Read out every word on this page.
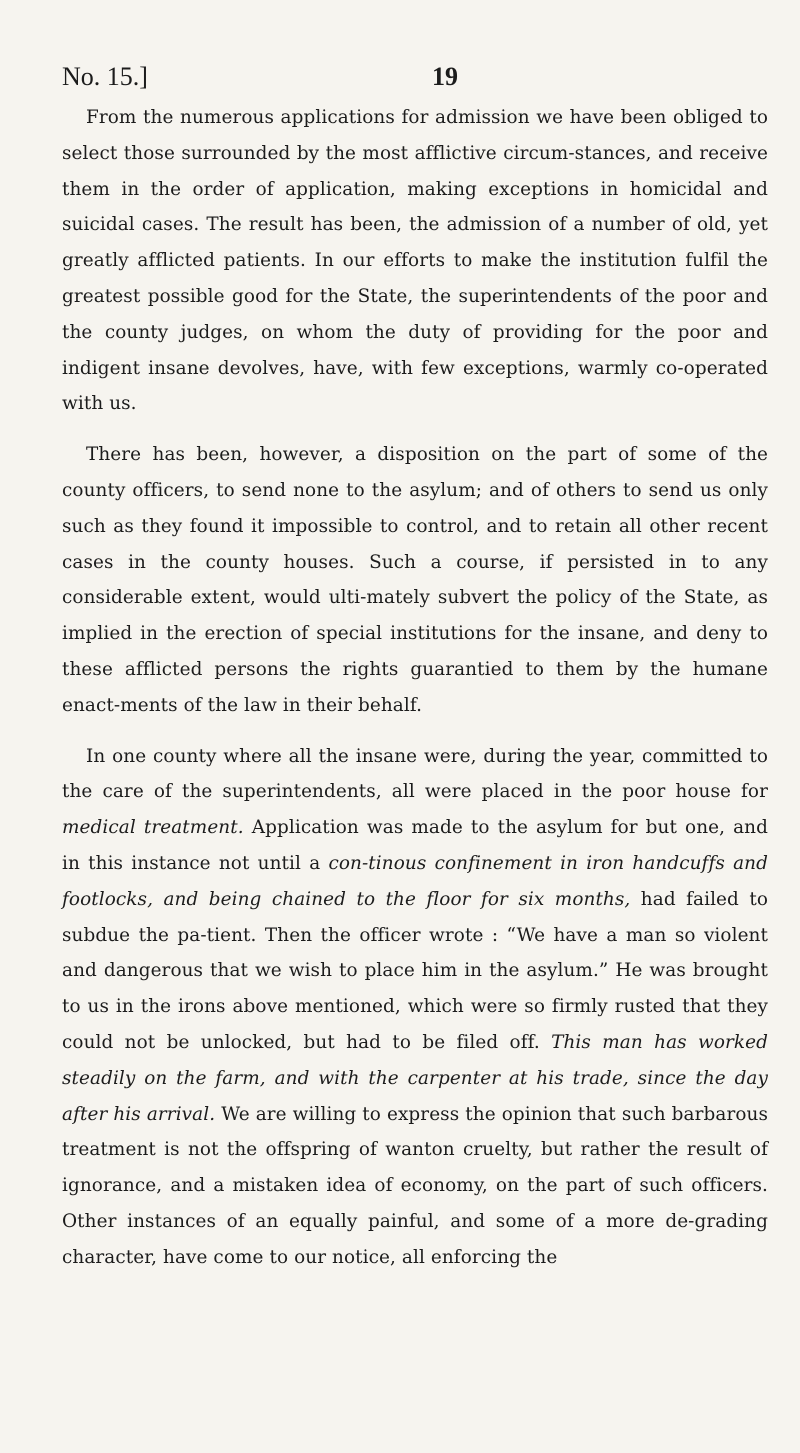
No. 15.]	19

From the numerous applications for admission we have been obliged to select those surrounded by the most afflictive circum-stances, and receive them in the order of application, making exceptions in homicidal and suicidal cases. The result has been, the admission of a number of old, yet greatly afflicted patients. In our efforts to make the institution fulfil the greatest possible good for the State, the superintendents of the poor and the county judges, on whom the duty of providing for the poor and indigent insane devolves, have, with few exceptions, warmly co-operated with us.

There has been, however, a disposition on the part of some of the county officers, to send none to the asylum; and of others to send us only such as they found it impossible to control, and to retain all other recent cases in the county houses. Such a course, if persisted in to any considerable extent, would ulti-mately subvert the policy of the State, as implied in the erection of special institutions for the insane, and deny to these afflicted persons the rights guarantied to them by the humane enact-ments of the law in their behalf.

In one county where all the insane were, during the year, committed to the care of the superintendents, all were placed in the poor house for medical treatment. Application was made to the asylum for but one, and in this instance not until a con-tinous confinement in iron handcuffs and footlocks, and being chained to the floor for six months, had failed to subdue the pa-tient. Then the officer wrote : “We have a man so violent and dangerous that we wish to place him in the asylum.” He was brought to us in the irons above mentioned, which were so firmly rusted that they could not be unlocked, but had to be filed off. This man has worked steadily on the farm, and with the carpenter at his trade, since the day after his arrival. We are willing to express the opinion that such barbarous treatment is not the offspring of wanton cruelty, but rather the result of ignorance, and a mistaken idea of economy, on the part of such officers. Other instances of an equally painful, and some of a more de-grading character, have come to our notice, all enforcing the
